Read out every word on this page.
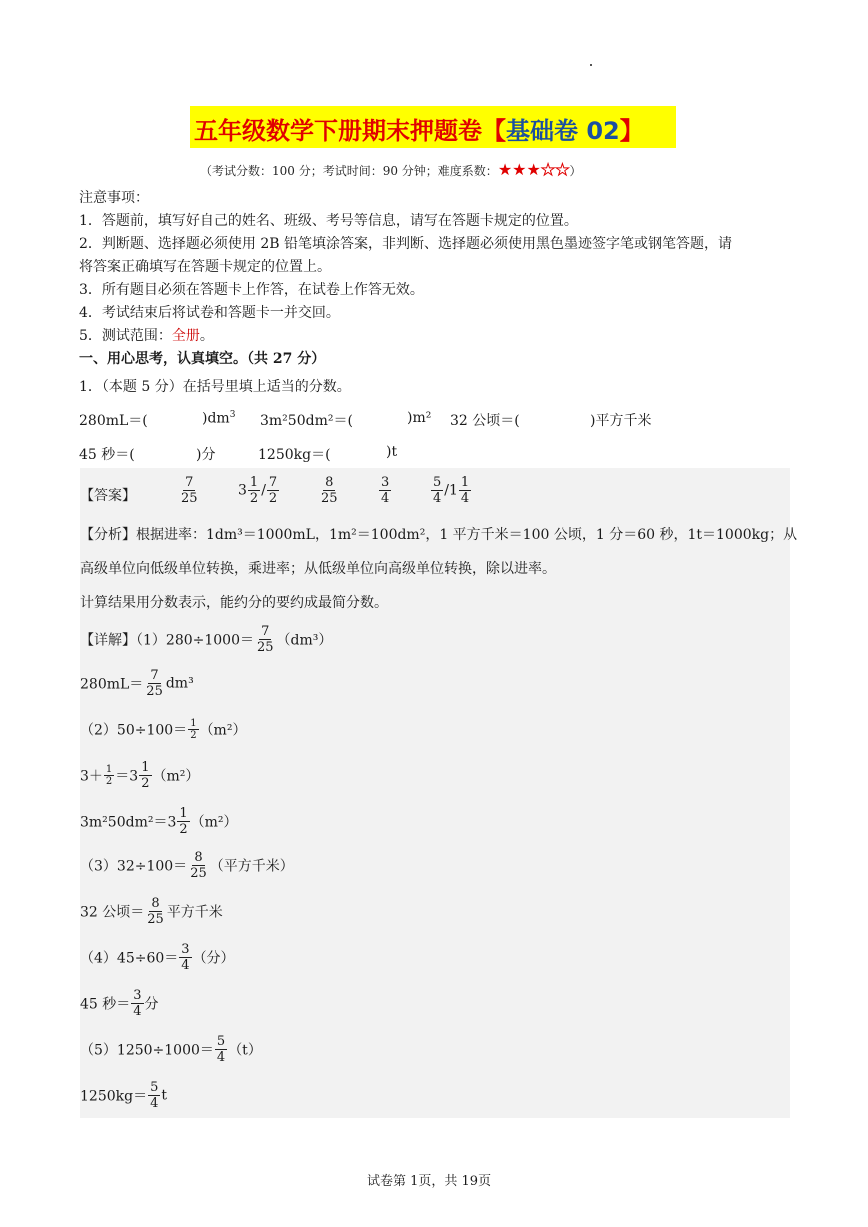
五年级数学下册期末押题卷【基础卷 02】
（考试分数：100 分；考试时间：90 分钟；难度系数：★★★★★）
注意事项：
1．答题前，填写好自己的姓名、班级、考号等信息，请写在答题卡规定的位置。
2．判断题、选择题必须使用 2B 铅笔填涂答案，非判断、选择题必须使用黑色墨迹签字笔或钢笔答题，请
将答案正确填写在答题卡规定的位置上。
3．所有题目必须在答题卡上作答，在试卷上作答无效。
4．考试结束后将试卷和答题卡一并交回。
5．测试范围：全册。
一、用心思考，认真填空。（共 27 分）
1．（本题 5 分）在括号里填上适当的分数。
280mL＝(	)$dm^3$ 3m²50dm²＝(	)m² 32 公顷＝(	)平方千米
45 秒＝(	)分	1250kg＝(	)t
【答案】	$\frac{7}{25}$	$3 \frac{1}{2} / \frac{7}{2}$	$\frac{8}{25}$	$\frac{3}{4}$	$\frac{5}{4} /1 \frac{1}{4}$
【分析】根据进率：1dm³＝1000mL，1m²＝100dm²，1 平方千米＝100 公顷，1 分＝60 秒，1t＝1000kg；从
高级单位向低级单位转换，乘进率；从低级单位向高级单位转换，除以进率。
计算结果用分数表示，能约分的要约成最简分数。
【详解】$(1)280\div 1000= \frac{7}{25} (dm^3)$
$280mL= \frac{7}{25} dm^3$
$(2)50\div 100= \frac{1}{2} (m^2)$
$3+ \frac{1}{2} =3 \frac{1}{2} (m^2)$
$3m^250dm^2=3 \frac{1}{2} (m^2)$
$(3)32\div 100= \frac{8}{25}$ （平方千米）
32 公顷＝ $\frac{8}{25}$ 平方千米
$(4)45\div 60= \frac{3}{4}$ （分）
45 秒＝ $\frac{3}{4}$ 分
$(5)1250\div 1000= \frac{5}{4} (t)$
$1250kg= \frac{5}{4}$ t
试卷第 1页，共 19页
